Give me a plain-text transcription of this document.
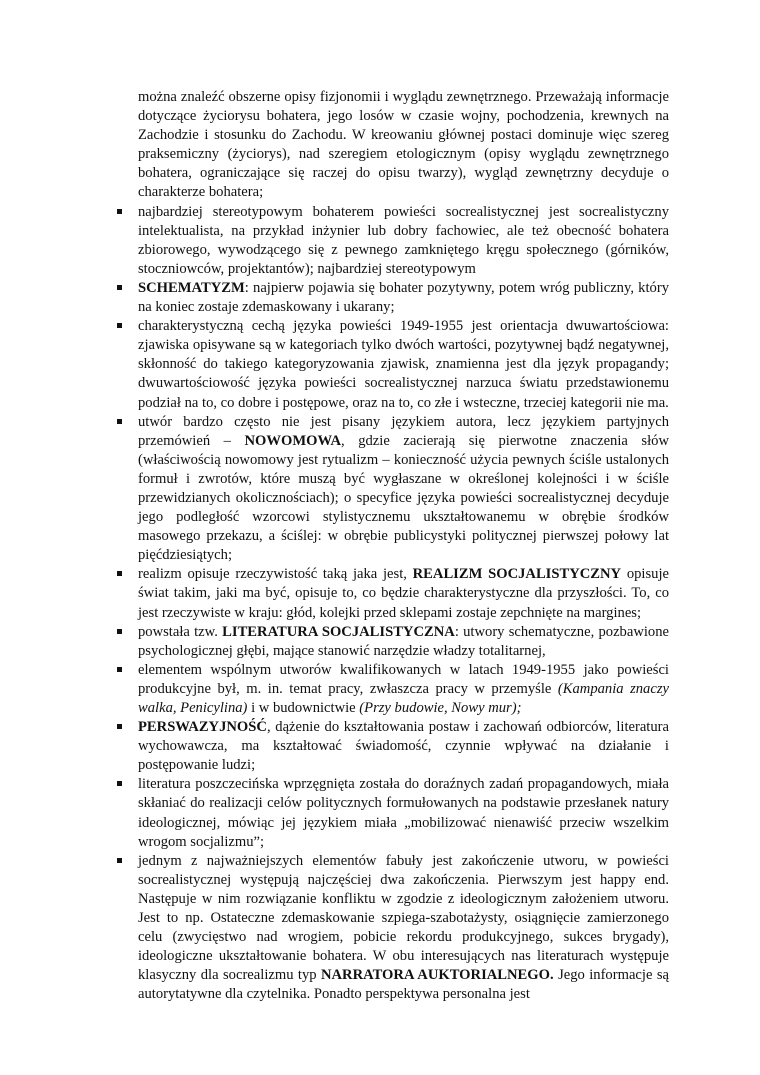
można znaleźć obszerne opisy fizjonomii i wyglądu zewnętrznego. Przeważają informacje dotyczące życiorysu bohatera, jego losów w czasie wojny, pochodzenia, krewnych na Zachodzie i stosunku do Zachodu. W kreowaniu głównej postaci dominuje więc szereg praksemiczny (życiorys), nad szeregiem etologicznym (opisy wyglądu zewnętrznego bohatera, ograniczające się raczej do opisu twarzy), wygląd zewnętrzny decyduje o charakterze bohatera;

najbardziej stereotypowym bohaterem powieści socrealistycznej jest socrealistyczny intelektualista, na przykład inżynier lub dobry fachowiec, ale też obecność bohatera zbiorowego, wywodzącego się z pewnego zamkniętego kręgu społecznego (górników, stoczniowców, projektantów); najbardziej stereotypowym
SCHEMATYZM: najpierw pojawia się bohater pozytywny, potem wróg publiczny, który na koniec zostaje zdemaskowany i ukarany;
charakterystyczną cechą języka powieści 1949-1955 jest orientacja dwuwartościowa: zjawiska opisywane są w kategoriach tylko dwóch wartości, pozytywnej bądź negatywnej, skłonność do takiego kategoryzowania zjawisk, znamienna jest dla język propagandy; dwuwartościowość języka powieści socrealistycznej narzuca światu przedstawionemu podział na to, co dobre i postępowe, oraz na to, co złe i wsteczne, trzeciej kategorii nie ma.
utwór bardzo często nie jest pisany językiem autora, lecz językiem partyjnych przemówień – NOWOMOWA, gdzie zacierają się pierwotne znaczenia słów (właściwością nowomowy jest rytualizm – konieczność użycia pewnych ściśle ustalonych formuł i zwrotów, które muszą być wygłaszane w określonej kolejności i w ściśle przewidzianych okolicznościach); o specyfice języka powieści socrealistycznej decyduje jego podległość wzorcowi stylistycznemu ukształtowanemu w obrębie środków masowego przekazu, a ściślej: w obrębie publicystyki politycznej pierwszej połowy lat pięćdziesiątych;
realizm opisuje rzeczywistość taką jaka jest, REALIZM SOCJALISTYCZNY opisuje świat takim, jaki ma być, opisuje to, co będzie charakterystyczne dla przyszłości. To, co jest rzeczywiste w kraju: głód, kolejki przed sklepami zostaje zepchnięte na margines;
powstała tzw. LITERATURA SOCJALISTYCZNA: utwory schematyczne, pozbawione psychologicznej głębi, mające stanowić narzędzie władzy totalitarnej,
elementem wspólnym utworów kwalifikowanych w latach 1949-1955 jako powieści produkcyjne był, m. in. temat pracy, zwłaszcza pracy w przemyśle (Kampania znaczy walka, Penicylina) i w budownictwie (Przy budowie, Nowy mur);
PERSWAZYJNOŚĆ, dążenie do kształtowania postaw i zachowań odbiorców, literatura wychowawcza, ma kształtować świadomość, czynnie wpływać na działanie i postępowanie ludzi;
literatura poszczecińska wprzęgnięta została do doraźnych zadań propagandowych, miała skłaniać do realizacji celów politycznych formułowanych na podstawie przesłanek natury ideologicznej, mówiąc jej językiem miała „mobilizować nienawiść przeciw wszelkim wrogom socjalizmu”;
jednym z najważniejszych elementów fabuły jest zakończenie utworu, w powieści socrealistycznej występują najczęściej dwa zakończenia. Pierwszym jest happy end. Następuje w nim rozwiązanie konfliktu w zgodzie z ideologicznym założeniem utworu. Jest to np. Ostateczne zdemaskowanie szpiega-szabotażysty, osiągnięcie zamierzonego celu (zwycięstwo nad wrogiem, pobicie rekordu produkcyjnego, sukces brygady), ideologiczne ukształtowanie bohatera. W obu interesujących nas literaturach występuje klasyczny dla socrealizmu typ NARRATORA AUKTORIALNEGO. Jego informacje są autorytatywne dla czytelnika. Ponadto perspektywa personalna jest
